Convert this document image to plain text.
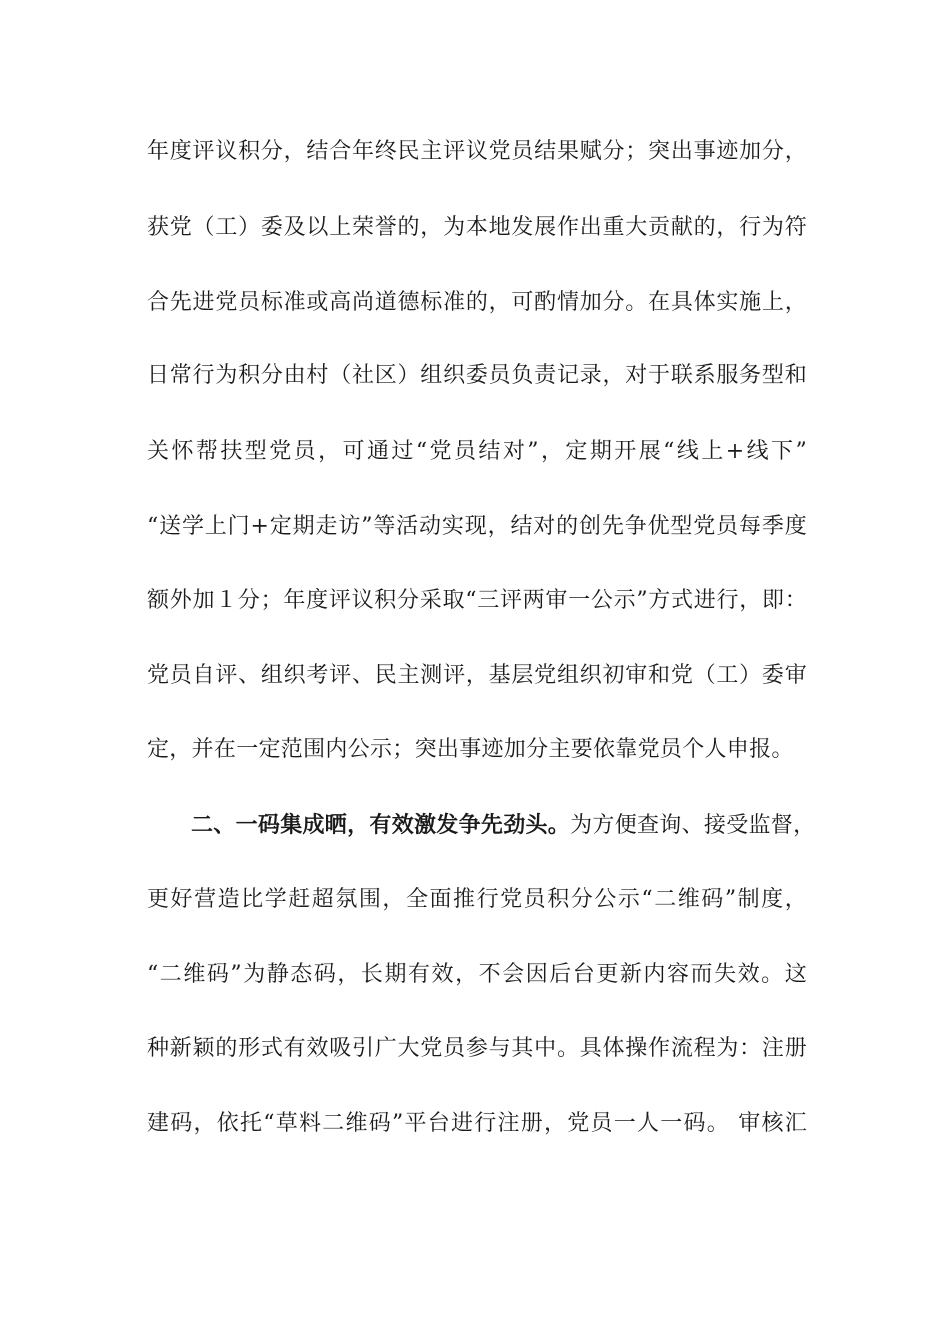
年度评议积分，结合年终民主评议党员结果赋分；突出事迹加分，
获党（工）委及以上荣誉的，为本地发展作出重大贡献的，行为符
合先进党员标准或高尚道德标准的，可酌情加分。在具体实施上，
日常行为积分由村（社区）组织委员负责记录，对于联系服务型和
关怀帮扶型党员，可通过“党员结对”，定期开展“线上+线下”
“送学上门+定期走访”等活动实现，结对的创先争优型党员每季度
额外加１分；年度评议积分采取“三评两审一公示”方式进行，即：
党员自评、组织考评、民主测评，基层党组织初审和党（工）委审
定，并在一定范围内公示；突出事迹加分主要依靠党员个人申报。
二、一码集成晒，有效激发争先劲头。为方便查询、接受监督，
更好营造比学赶超氛围，全面推行党员积分公示“二维码”制度，
“二维码”为静态码，长期有效，不会因后台更新内容而失效。这
种新颖的形式有效吸引广大党员参与其中。具体操作流程为：注册
建码，依托“草料二维码”平台进行注册，党员一人一码。 审核汇
